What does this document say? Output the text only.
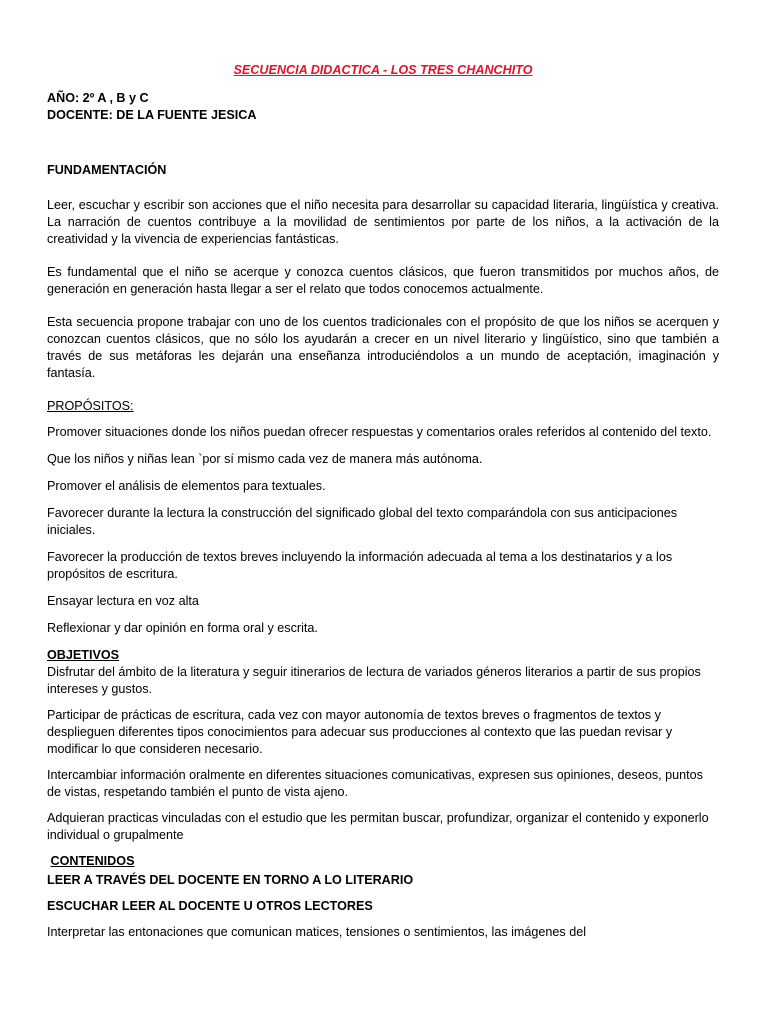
SECUENCIA DIDACTICA - LOS TRES CHANCHITO

AÑO: 2º A , B y C

DOCENTE: DE LA FUENTE JESICA

FUNDAMENTACIÓN

Leer, escuchar y escribir son acciones que el niño necesita para desarrollar su capacidad literaria, lingüística y creativa. La narración de cuentos contribuye a la movilidad de sentimientos por parte de los niños, a la activación de la creatividad y la vivencia de experiencias fantásticas.

Es fundamental que el niño se acerque y conozca cuentos clásicos, que fueron transmitidos por muchos años, de generación en generación hasta llegar a ser el relato que todos conocemos actualmente.

Esta secuencia propone trabajar con uno de los cuentos tradicionales con el propósito de que los niños se acerquen y conozcan cuentos clásicos, que no sólo los ayudarán a crecer en un nivel literario y lingüístico, sino que también a través de sus metáforas les dejarán una enseñanza introduciéndolos a un mundo de aceptación, imaginación y fantasía.

PROPÓSITOS:

Promover situaciones donde los niños puedan ofrecer respuestas y comentarios orales referidos al contenido del texto.

Que los niños y niñas lean `por sí mismo cada vez de manera más autónoma.

Promover el análisis de elementos para textuales.

Favorecer durante la lectura la construcción del significado global del texto comparándola con sus anticipaciones iniciales.

Favorecer la producción de textos breves incluyendo la información adecuada al tema a los destinatarios y a los propósitos de escritura.

Ensayar lectura en voz alta

Reflexionar y dar opinión en forma oral y escrita.

OBJETIVOS

Disfrutar del ámbito de la literatura y seguir itinerarios de lectura de variados géneros literarios a partir de sus propios intereses y gustos.

Participar de prácticas de escritura, cada vez con mayor autonomía de textos breves o fragmentos de textos y desplieguen diferentes tipos conocimientos para adecuar sus producciones al contexto que las puedan revisar y modificar lo que consideren necesario.

Intercambiar información oralmente en diferentes situaciones comunicativas, expresen sus opiniones, deseos, puntos de vistas, respetando también el punto de vista ajeno.

Adquieran practicas vinculadas con el estudio que les permitan buscar, profundizar, organizar el contenido y exponerlo individual o grupalmente

CONTENIDOS

LEER A TRAVÉS DEL DOCENTE EN TORNO A LO LITERARIO

ESCUCHAR LEER AL DOCENTE U OTROS LECTORES

Interpretar las entonaciones que comunican matices, tensiones o sentimientos, las imágenes del
